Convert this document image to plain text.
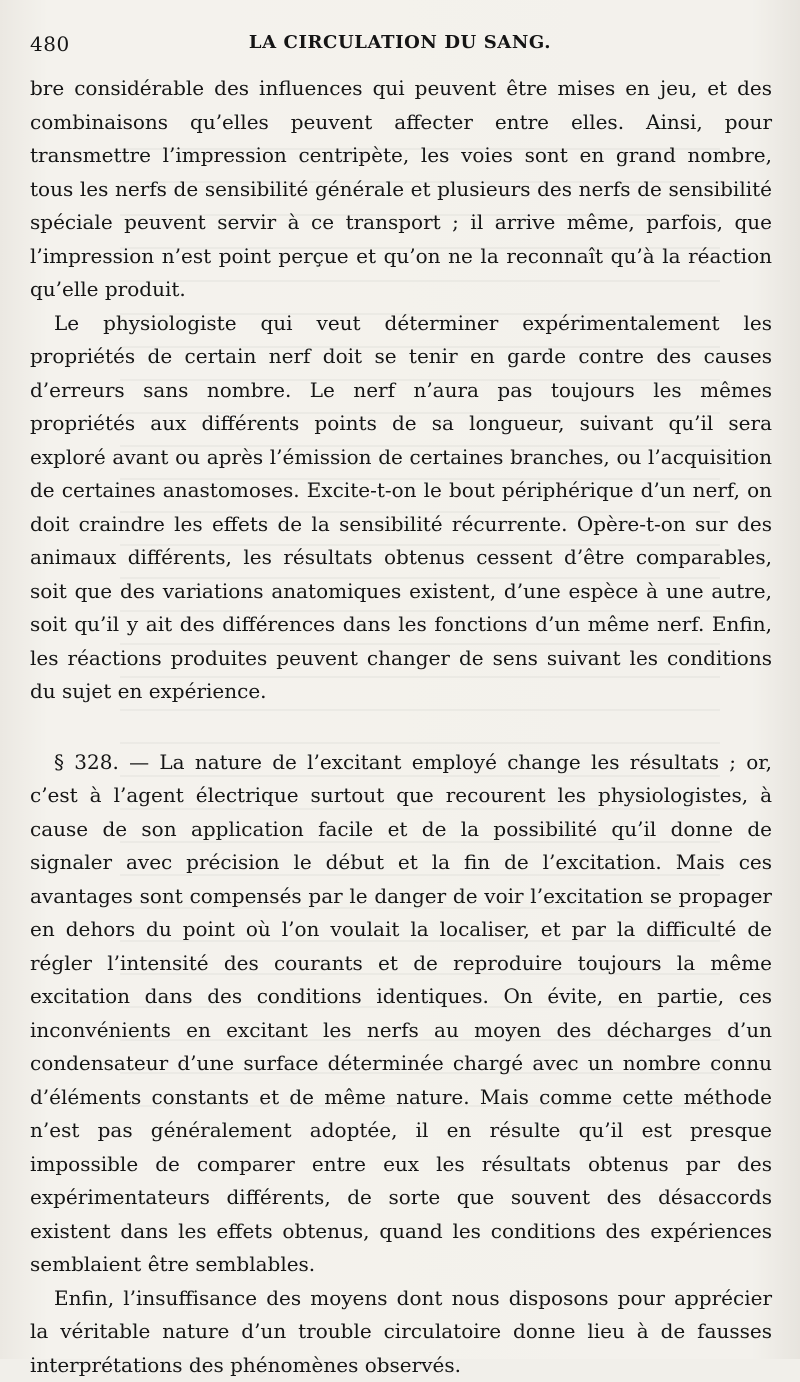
480	LA CIRCULATION DU SANG.

bre considérable des influences qui peuvent être mises en jeu, et des combinaisons qu’elles peuvent affecter entre elles. Ainsi, pour transmettre l’impression centripète, les voies sont en grand nombre, tous les nerfs de sensibilité générale et plusieurs des nerfs de sensibilité spéciale peuvent servir à ce transport ; il arrive même, parfois, que l’impression n’est point perçue et qu’on ne la reconnaît qu’à la réaction qu’elle produit.

Le physiologiste qui veut déterminer expérimentalement les propriétés de certain nerf doit se tenir en garde contre des causes d’erreurs sans nombre. Le nerf n’aura pas toujours les mêmes propriétés aux différents points de sa longueur, suivant qu’il sera exploré avant ou après l’émission de certaines branches, ou l’acquisition de certaines anastomoses. Excite-t-on le bout périphérique d’un nerf, on doit craindre les effets de la sensibilité récurrente. Opère-t-on sur des animaux différents, les résultats obtenus cessent d’être comparables, soit que des variations anatomiques existent, d’une espèce à une autre, soit qu’il y ait des différences dans les fonctions d’un même nerf. Enfin, les réactions produites peuvent changer de sens suivant les conditions du sujet en expérience.

§ 328. — La nature de l’excitant employé change les résultats ; or, c’est à l’agent électrique surtout que recourent les physiologistes, à cause de son application facile et de la possibilité qu’il donne de signaler avec précision le début et la fin de l’excitation. Mais ces avantages sont compensés par le danger de voir l’excitation se propager en dehors du point où l’on voulait la localiser, et par la difficulté de régler l’intensité des courants et de reproduire toujours la même excitation dans des conditions identiques. On évite, en partie, ces inconvénients en excitant les nerfs au moyen des décharges d’un condensateur d’une surface déterminée chargé avec un nombre connu d’éléments constants et de même nature. Mais comme cette méthode n’est pas généralement adoptée, il en résulte qu’il est presque impossible de comparer entre eux les résultats obtenus par des expérimentateurs différents, de sorte que souvent des désaccords existent dans les effets obtenus, quand les conditions des expériences semblaient être semblables.

Enfin, l’insuffisance des moyens dont nous disposons pour apprécier la véritable nature d’un trouble circulatoire donne lieu à de fausses interprétations des phénomènes observés.
